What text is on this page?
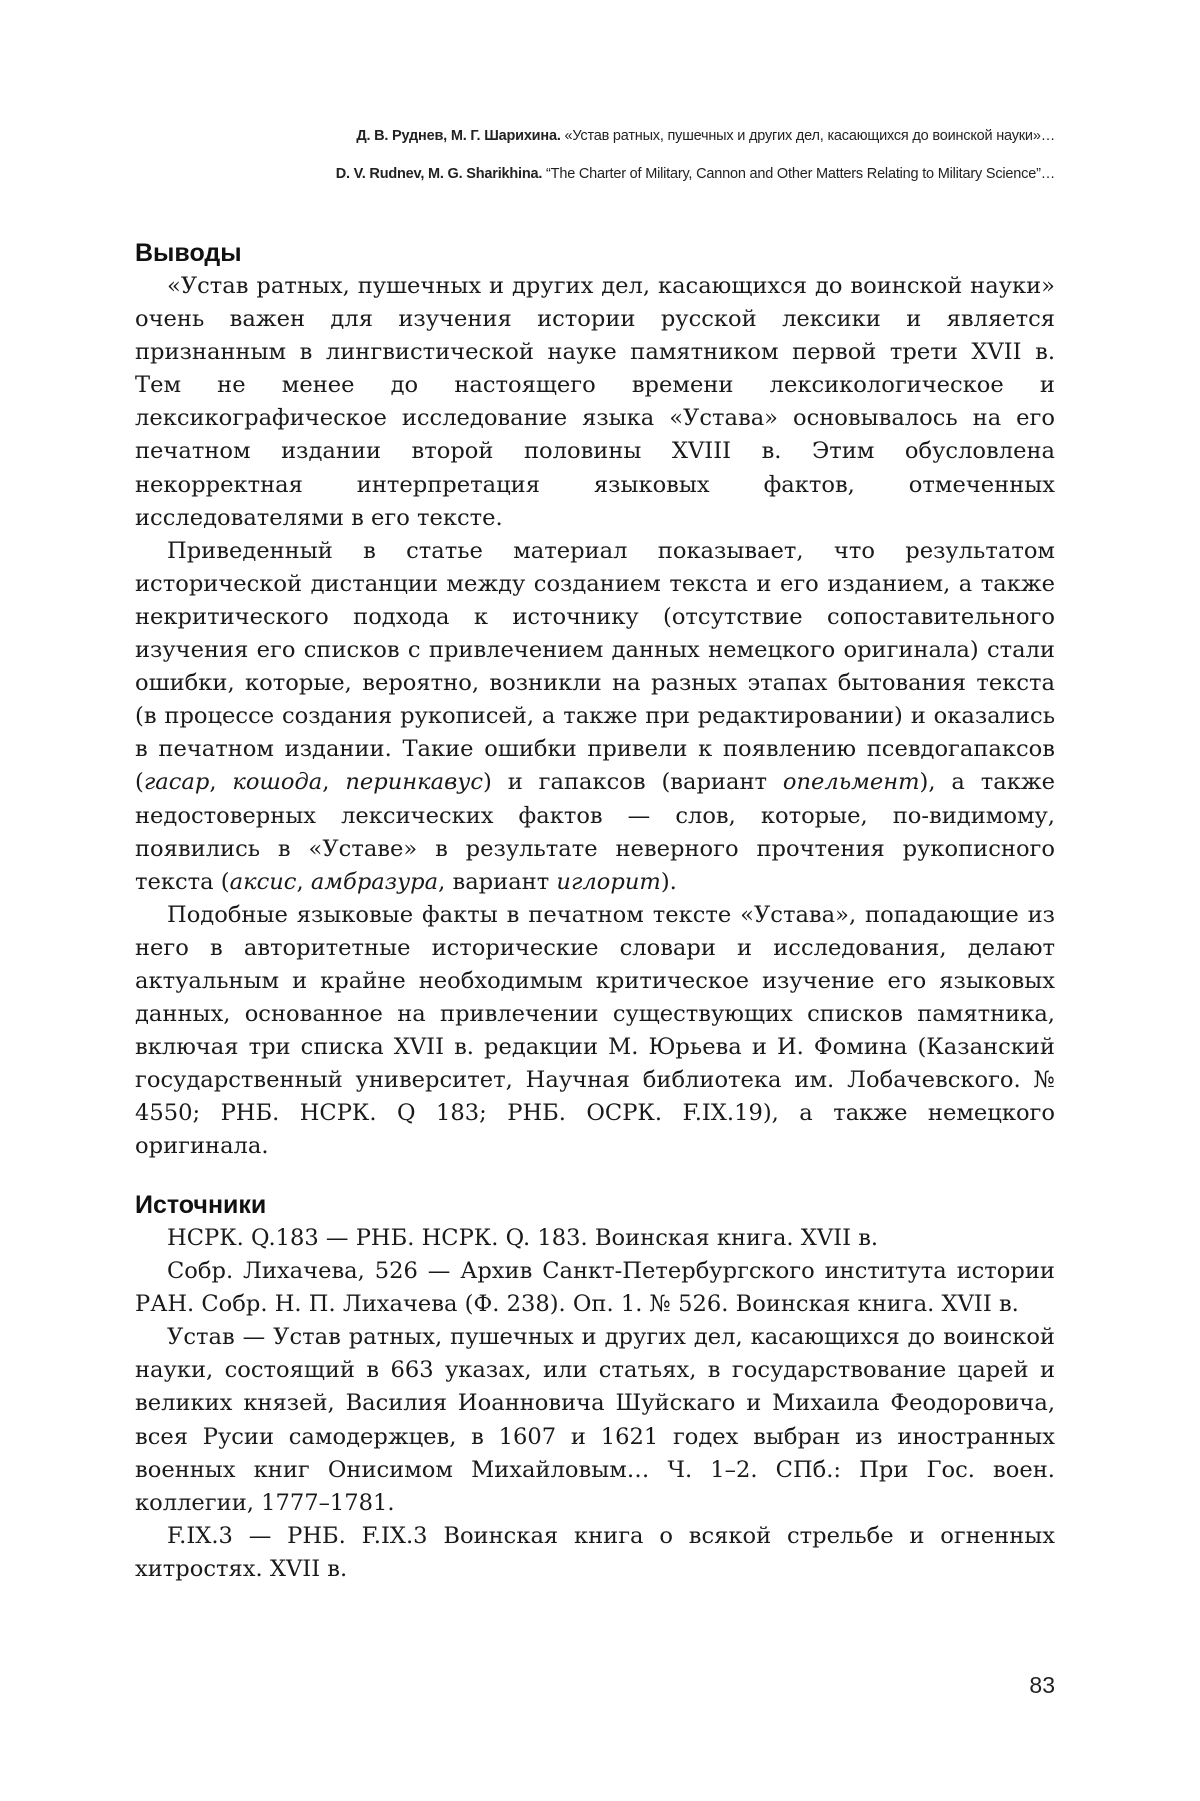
Д. В. Руднев, М. Г. Шарихина. «Устав ратных, пушечных и других дел, касающихся до воинской науки»…
D. V. Rudnev, M. G. Sharikhina. “The Charter of Military, Cannon and Other Matters Relating to Military Science”…
Выводы

«Устав ратных, пушечных и других дел, касающихся до воинской науки» очень важен для изучения истории русской лексики и является признанным в лингвистической науке памятником первой трети XVII в. Тем не менее до настоящего времени лексикологическое и лексикографическое исследование языка «Устава» основывалось на его печатном издании второй половины XVIII в. Этим обусловлена некорректная интерпретация языковых фактов, отмеченных исследователями в его тексте.

Приведенный в статье материал показывает, что результатом исторической дистанции между созданием текста и его изданием, а также некритического подхода к источнику (отсутствие сопоставительного изучения его списков с привлечением данных немецкого оригинала) стали ошибки, которые, вероятно, возникли на разных этапах бытования текста (в процессе создания рукописей, а также при редактировании) и оказались в печатном издании. Такие ошибки привели к появлению псевдогапаксов (гасар, кошода, перинкавус) и гапаксов (вариант опельмент), а также недостоверных лексических фактов — слов, которые, по-видимому, появились в «Уставе» в результате неверного прочтения рукописного текста (аксис, амбразура, вариант иглорит).

Подобные языковые факты в печатном тексте «Устава», попадающие из него в авторитетные исторические словари и исследования, делают актуальным и крайне необходимым критическое изучение его языковых данных, основанное на привлечении существующих списков памятника, включая три списка XVII в. редакции М. Юрьева и И. Фомина (Казанский государственный университет, Научная библиотека им. Лобачевского. № 4550; РНБ. НСРК. Q 183; РНБ. ОСРК. F.IX.19), а также немецкого оригинала.

Источники

НСРК. Q.183 — РНБ. НСРК. Q. 183. Воинская книга. XVII в.

Собр. Лихачева, 526 — Архив Санкт-Петербургского института истории РАН. Собр. Н. П. Лихачева (Ф. 238). Оп. 1. № 526. Воинская книга. XVII в.

Устав — Устав ратных, пушечных и других дел, касающихся до воинской науки, состоящий в 663 указах, или статьях, в государствование царей и великих князей, Василия Иоанновича Шуйскаго и Михаила Феодоровича, всея Русии самодержцев, в 1607 и 1621 годех выбран из иностранных военных книг Онисимом Михайловым… Ч. 1–2. СПб.: При Гос. воен. коллегии, 1777–1781.

F.IX.3 — РНБ. F.IX.3 Воинская книга о всякой стрельбе и огненных хитростях. XVII в.

83
